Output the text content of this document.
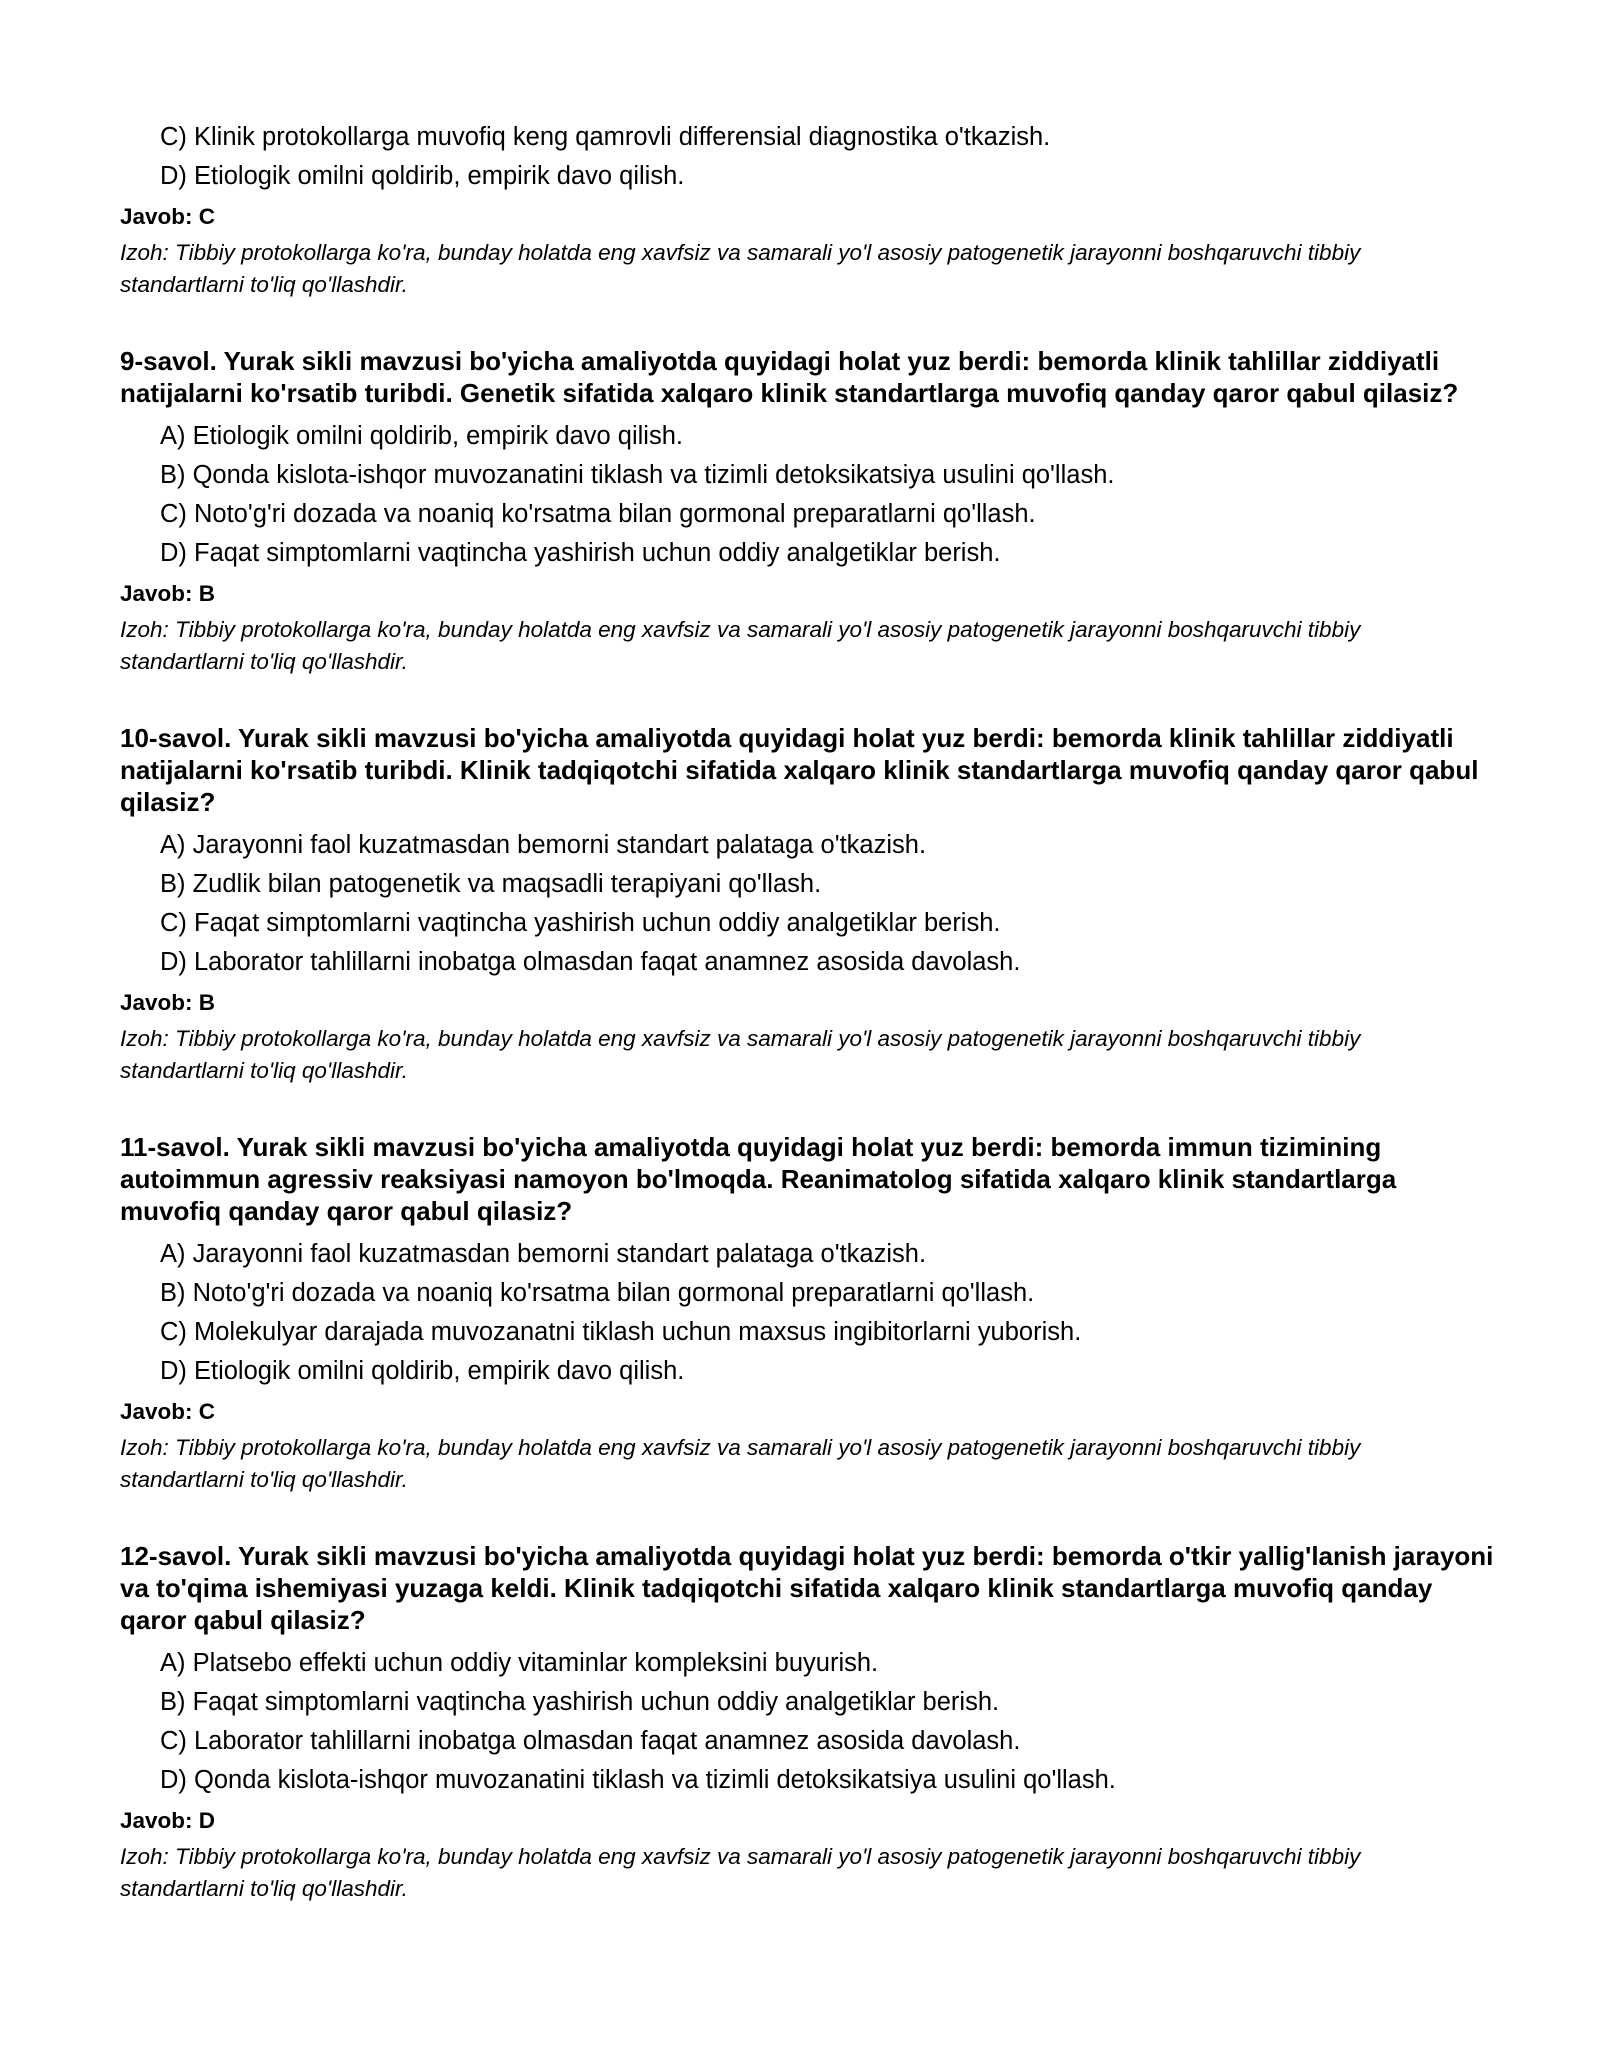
C) Klinik protokollarga muvofiq keng qamrovli differensial diagnostika o'tkazish.
D) Etiologik omilni qoldirib, empirik davo qilish.
Javob: C
Izoh: Tibbiy protokollarga ko'ra, bunday holatda eng xavfsiz va samarali yo'l asosiy patogenetik jarayonni boshqaruvchi tibbiy standartlarni to'liq qo'llashdir.
9-savol. Yurak sikli mavzusi bo'yicha amaliyotda quyidagi holat yuz berdi: bemorda klinik tahlillar ziddiyatli natijalarni ko'rsatib turibdi. Genetik sifatida xalqaro klinik standartlarga muvofiq qanday qaror qabul qilasiz?
A) Etiologik omilni qoldirib, empirik davo qilish.
B) Qonda kislota-ishqor muvozanatini tiklash va tizimli detoksikatsiya usulini qo'llash.
C) Noto'g'ri dozada va noaniq ko'rsatma bilan gormonal preparatlarni qo'llash.
D) Faqat simptomlarni vaqtincha yashirish uchun oddiy analgetiklar berish.
Javob: B
Izoh: Tibbiy protokollarga ko'ra, bunday holatda eng xavfsiz va samarali yo'l asosiy patogenetik jarayonni boshqaruvchi tibbiy standartlarni to'liq qo'llashdir.
10-savol. Yurak sikli mavzusi bo'yicha amaliyotda quyidagi holat yuz berdi: bemorda klinik tahlillar ziddiyatli natijalarni ko'rsatib turibdi. Klinik tadqiqotchi sifatida xalqaro klinik standartlarga muvofiq qanday qaror qabul qilasiz?
A) Jarayonni faol kuzatmasdan bemorni standart palataga o'tkazish.
B) Zudlik bilan patogenetik va maqsadli terapiyani qo'llash.
C) Faqat simptomlarni vaqtincha yashirish uchun oddiy analgetiklar berish.
D) Laborator tahlillarni inobatga olmasdan faqat anamnez asosida davolash.
Javob: B
Izoh: Tibbiy protokollarga ko'ra, bunday holatda eng xavfsiz va samarali yo'l asosiy patogenetik jarayonni boshqaruvchi tibbiy standartlarni to'liq qo'llashdir.
11-savol. Yurak sikli mavzusi bo'yicha amaliyotda quyidagi holat yuz berdi: bemorda immun tizimining autoimmun agressiv reaksiyasi namoyon bo'lmoqda. Reanimatolog sifatida xalqaro klinik standartlarga muvofiq qanday qaror qabul qilasiz?
A) Jarayonni faol kuzatmasdan bemorni standart palataga o'tkazish.
B) Noto'g'ri dozada va noaniq ko'rsatma bilan gormonal preparatlarni qo'llash.
C) Molekulyar darajada muvozanatni tiklash uchun maxsus ingibitorlarni yuborish.
D) Etiologik omilni qoldirib, empirik davo qilish.
Javob: C
Izoh: Tibbiy protokollarga ko'ra, bunday holatda eng xavfsiz va samarali yo'l asosiy patogenetik jarayonni boshqaruvchi tibbiy standartlarni to'liq qo'llashdir.
12-savol. Yurak sikli mavzusi bo'yicha amaliyotda quyidagi holat yuz berdi: bemorda o'tkir yallig'lanish jarayoni va to'qima ishemiyasi yuzaga keldi. Klinik tadqiqotchi sifatida xalqaro klinik standartlarga muvofiq qanday qaror qabul qilasiz?
A) Platsebo effekti uchun oddiy vitaminlar kompleksini buyurish.
B) Faqat simptomlarni vaqtincha yashirish uchun oddiy analgetiklar berish.
C) Laborator tahlillarni inobatga olmasdan faqat anamnez asosida davolash.
D) Qonda kislota-ishqor muvozanatini tiklash va tizimli detoksikatsiya usulini qo'llash.
Javob: D
Izoh: Tibbiy protokollarga ko'ra, bunday holatda eng xavfsiz va samarali yo'l asosiy patogenetik jarayonni boshqaruvchi tibbiy standartlarni to'liq qo'llashdir.
